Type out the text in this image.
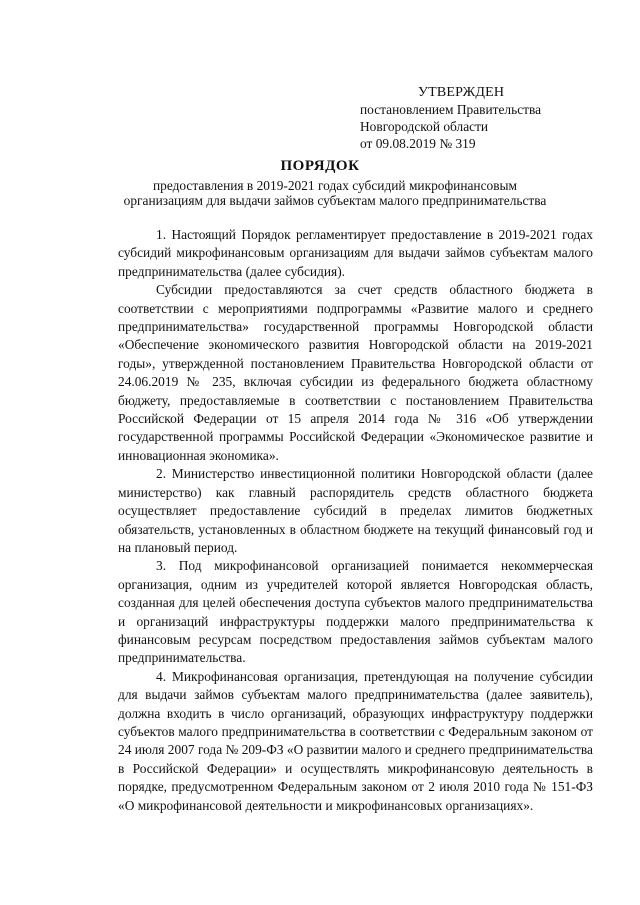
УТВЕРЖДЕН
постановлением Правительства
Новгородской области
от 09.08.2019 № 319
ПОРЯДОК
предоставления в 2019-2021 годах субсидий микрофинансовым
организациям для выдачи займов субъектам малого предпринимательства

1. Настоящий Порядок регламентирует предоставление в 2019-2021 годах субсидий микрофинансовым организациям для выдачи займов субъектам малого предпринимательства (далее субсидия).

Субсидии предоставляются за счет средств областного бюджета в соответствии с мероприятиями подпрограммы «Развитие малого и среднего предпринимательства» государственной программы Новгородской области «Обеспечение экономического развития Новгородской области на 2019-2021 годы», утвержденной постановлением Правительства Новгородской области от 24.06.2019 № 235, включая субсидии из федерального бюджета областному бюджету, предоставляемые в соответствии с постановлением Правительства Российской Федерации от 15 апреля 2014 года № 316 «Об утверждении государственной программы Российской Федерации «Экономическое развитие и инновационная экономика».

2. Министерство инвестиционной политики Новгородской области (далее министерство) как главный распорядитель средств областного бюджета осуществляет предоставление субсидий в пределах лимитов бюджетных обязательств, установленных в областном бюджете на текущий финансовый год и на плановый период.

3. Под микрофинансовой организацией понимается некоммерческая организация, одним из учредителей которой является Новгородская область, созданная для целей обеспечения доступа субъектов малого предпринимательства и организаций инфраструктуры поддержки малого предпринимательства к финансовым ресурсам посредством предоставления займов субъектам малого предпринимательства.

4. Микрофинансовая организация, претендующая на получение субсидии для выдачи займов субъектам малого предпринимательства (далее заявитель), должна входить в число организаций, образующих инфраструктуру поддержки субъектов малого предпринимательства в соответствии с Федеральным законом от 24 июля 2007 года № 209-ФЗ «О развитии малого и среднего предпринимательства в Российской Федерации» и осуществлять микрофинансовую деятельность в порядке, предусмотренном Федеральным законом от 2 июля 2010 года № 151-ФЗ «О микрофинансовой деятельности и микрофинансовых организациях».
